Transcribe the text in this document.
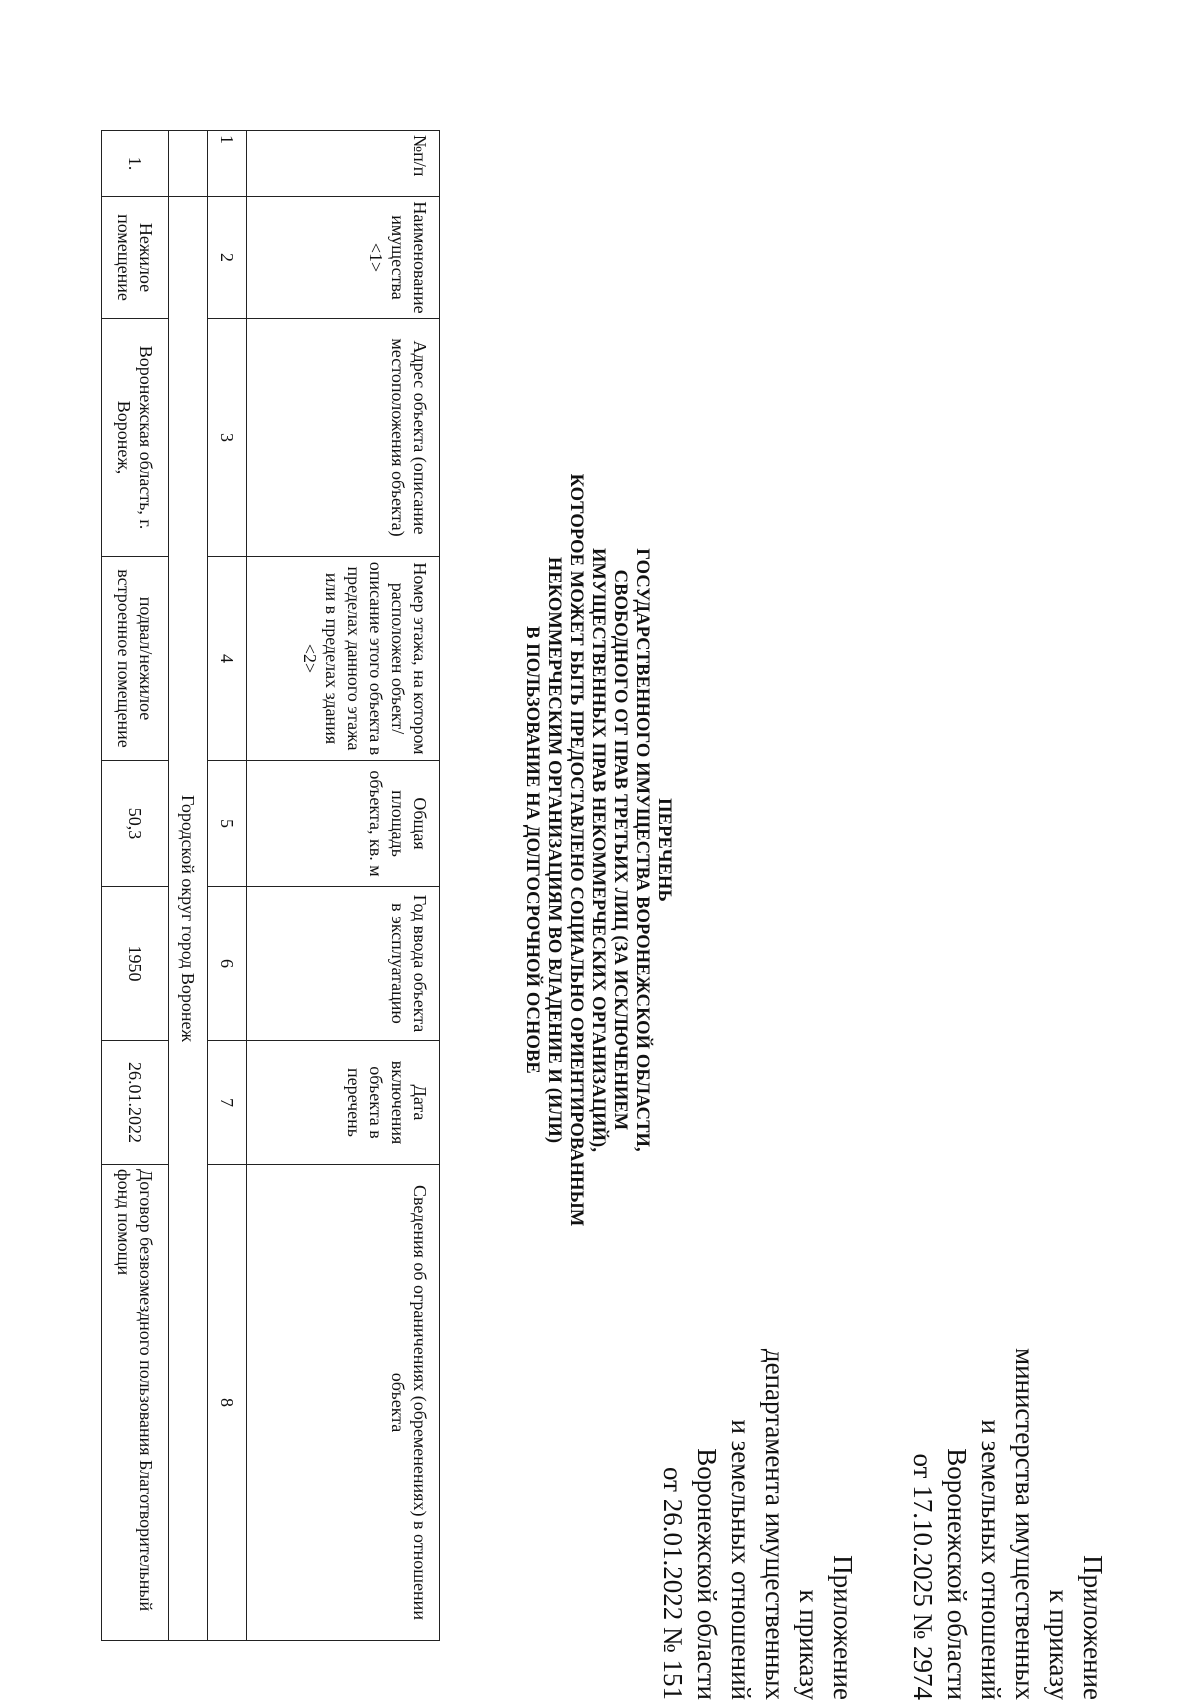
Приложение
к приказу
министерства имущественных
и земельных отношений
Воронежской области
от 17.10.2025 № 2974
Приложение
к приказу
департамента имущественных
и земельных отношений
Воронежской области
от 26.01.2022 № 151
ПЕРЕЧЕНЬ
ГОСУДАРСТВЕННОГО ИМУЩЕСТВА ВОРОНЕЖСКОЙ ОБЛАСТИ,
СВОБОДНОГО ОТ ПРАВ ТРЕТЬИХ ЛИЦ (ЗА ИСКЛЮЧЕНИЕМ
ИМУЩЕСТВЕННЫХ ПРАВ НЕКОММЕРЧЕСКИХ ОРГАНИЗАЦИЙ),
КОТОРОЕ МОЖЕТ БЫТЬ ПРЕДОСТАВЛЕНО СОЦИАЛЬНО ОРИЕНТИРОВАННЫМ
НЕКОММЕРЧЕСКИМ ОРГАНИЗАЦИЯМ ВО ВЛАДЕНИЕ И (ИЛИ)
В ПОЛЬЗОВАНИЕ НА ДОЛГОСРОЧНОЙ ОСНОВЕ
№п/п	Наименование имущества <1>	Адрес объекта (описание местоположения объекта)	Номер этажа, на котором расположен объект/описание этого объекта в пределах данного этажа или в пределах здания <2>	Общая площадь объекта, кв. м	Год ввода объекта в эксплуатацию	Дата включения объекта в перечень	Сведения об ограничениях (обременениях) в отношении объекта
1	2	3	4	5	6	7	8
	Городской округ город Воронеж						
1.	Нежилое помещение	Воронежская область, г. Воронеж,	подвал/нежилое встроенное помещение	50,3	1950	26.01.2022	Договор безвозмездного пользования Благотворительный фонд помощи
